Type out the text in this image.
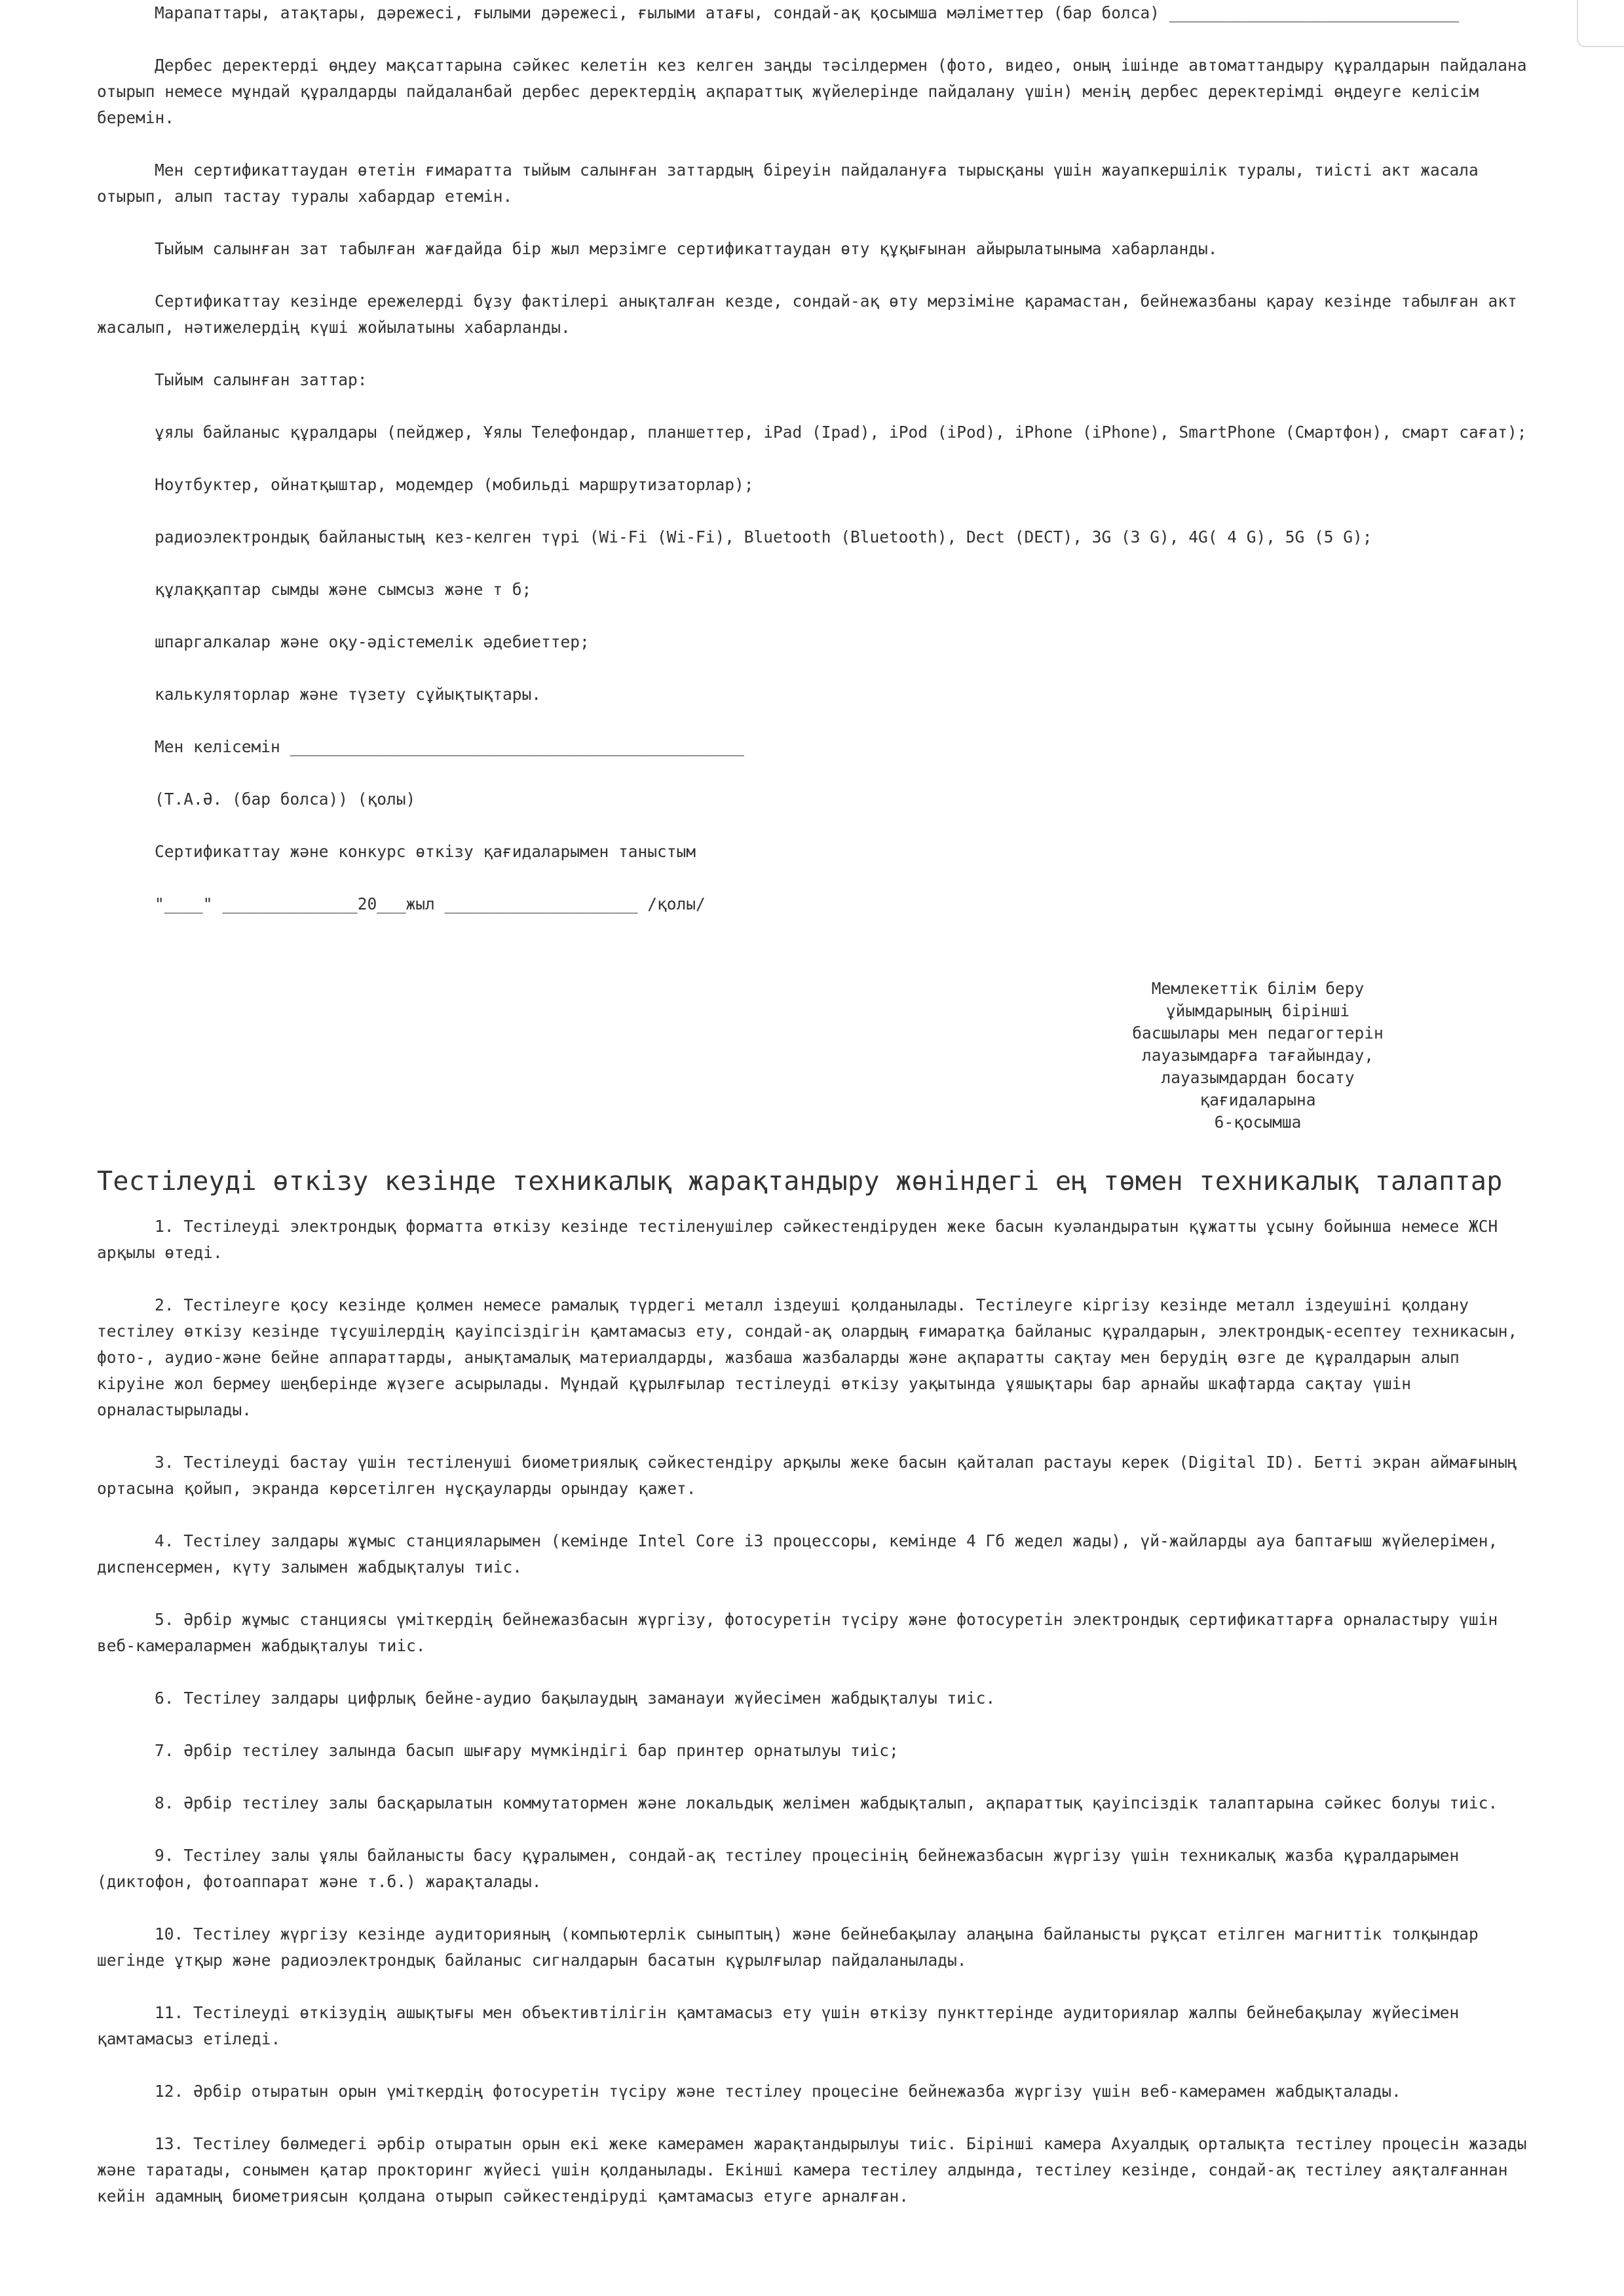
Марапаттары, атақтары, дәрежесі, ғылыми дәрежесі, ғылыми атағы, сондай-ақ қосымша мәліметтер (бар болса) ______________________________

Дербес деректерді өңдеу мақсаттарына сәйкес келетін кез келген заңды тәсілдермен (фото, видео, оның ішінде автоматтандыру құралдарын пайдалана отырып немесе мұндай құралдарды пайдаланбай дербес деректердің ақпараттық жүйелерінде пайдалану үшін) менің дербес деректерімді өңдеуге келісім беремін.

Мен сертификаттаудан өтетін ғимаратта тыйым салынған заттардың біреуін пайдалануға тырысқаны үшін жауапкершілік туралы, тиісті акт жасала отырып, алып тастау туралы хабардар етемін.

Тыйым салынған зат табылған жағдайда бір жыл мерзімге сертификаттаудан өту құқығынан айырылатыныма хабарланды.

Сертификаттау кезінде ережелерді бұзу фактілері анықталған кезде, сондай-ақ өту мерзіміне қарамастан, бейнежазбаны қарау кезінде табылған акт жасалып, нәтижелердің күші жойылатыны хабарланды.

Тыйым салынған заттар:

ұялы байланыс құралдары (пейджер, Ұялы Телефондар, планшеттер, iPad (Ipad), iPod (iPod), iPhone (iPhone), SmartPhone (Смартфон), смарт сағат);

Ноутбуктер, ойнатқыштар, модемдер (мобильді маршрутизаторлар);

радиоэлектрондық байланыстың кез-келген түрі (Wi-Fi (Wi-Fi), Bluetooth (Bluetooth), Dect (DECT), 3G (3 G), 4G( 4 G), 5G (5 G);

құлаққаптар сымды және сымсыз және т б;

шпаргалкалар және оқу-әдістемелік әдебиеттер;

калькуляторлар және түзету сұйықтықтары.

Мен келісемін _______________________________________________

(Т.А.Ә. (бар болса)) (қолы)

Сертификаттау және конкурс өткізу қағидаларымен таныстым

"____" ______________20___жыл ____________________ /қолы/

Мемлекеттік білім беру
ұйымдарының бірінші
басшылары мен педагогтерін
лауазымдарға тағайындау,
лауазымдардан босату
қағидаларына
6-қосымша
Тестілеуді өткізу кезінде техникалық жарақтандыру жөніндегі ең төмен техникалық талаптар

1. Тестілеуді электрондық форматта өткізу кезінде тестіленушілер сәйкестендіруден жеке басын куәландыратын құжатты ұсыну бойынша немесе ЖСН арқылы өтеді.

2. Тестілеуге қосу кезінде қолмен немесе рамалық түрдегі металл іздеуші қолданылады. Тестілеуге кіргізу кезінде металл іздеушіні қолдану тестілеу өткізу кезінде тұсушілердің қауіпсіздігін қамтамасыз ету, сондай-ақ олардың ғимаратқа байланыс құралдарын, электрондық-есептеу техникасын, фото-, аудио-және бейне аппараттарды, анықтамалық материалдарды, жазбаша жазбаларды және ақпаратты сақтау мен берудің өзге де құралдарын алып кіруіне жол бермеу шеңберінде жүзеге асырылады. Мұндай құрылғылар тестілеуді өткізу уақытында ұяшықтары бар арнайы шкафтарда сақтау үшін орналастырылады.

3. Тестілеуді бастау үшін тестіленуші биометриялық сәйкестендіру арқылы жеке басын қайталап растауы керек (Digital ID). Бетті экран аймағының ортасына қойып, экранда көрсетілген нұсқауларды орындау қажет.

4. Тестілеу залдары жұмыс станцияларымен (кемінде Intel Core i3 процессоры, кемінде 4 Гб жедел жады), үй-жайларды ауа баптағыш жүйелерімен, диспенсермен, күту залымен жабдықталуы тиіс.

5. Әрбір жұмыс станциясы үміткердің бейнежазбасын жүргізу, фотосуретін түсіру және фотосуретін электрондық сертификаттарға орналастыру үшін веб-камералармен жабдықталуы тиіс.

6. Тестілеу залдары цифрлық бейне-аудио бақылаудың заманауи жүйесімен жабдықталуы тиіс.

7. Әрбір тестілеу залында басып шығару мүмкіндігі бар принтер орнатылуы тиіс;

8. Әрбір тестілеу залы басқарылатын коммутатормен және локальдық желімен жабдықталып, ақпараттық қауіпсіздік талаптарына сәйкес болуы тиіс.

9. Тестілеу залы ұялы байланысты басу құралымен, сондай-ақ тестілеу процесінің бейнежазбасын жүргізу үшін техникалық жазба құралдарымен (диктофон, фотоаппарат және т.б.) жарақталады.

10. Тестілеу жүргізу кезінде аудиторияның (компьютерлік сыныптың) және бейнебақылау алаңына байланысты рұқсат етілген магниттік толқындар шегінде ұтқыр және радиоэлектрондық байланыс сигналдарын басатын құрылғылар пайдаланылады.

11. Тестілеудi өткiзудiң ашықтығы мен объективтiлiгiн қамтамасыз ету үшiн өткiзу пункттерiнде аудиториялар жалпы бейнебақылау жүйесiмен қамтамасыз етiледi.

12. Әрбір отыратын орын үміткердің фотосуретін түсіру және тестілеу процесіне бейнежазба жүргізу үшін веб-камерамен жабдықталады.

13. Тестілеу бөлмедегі әрбір отыратын орын екі жеке камерамен жарақтандырылуы тиіс. Бірінші камера Ахуалдық орталықта тестілеу процесін жазады және таратады, сонымен қатар прокторинг жүйесі үшін қолданылады. Екінші камера тестілеу алдында, тестілеу кезінде, сондай-ақ тестілеу аяқталғаннан кейін адамның биометриясын қолдана отырып сәйкестендіруді қамтамасыз етуге арналған.
